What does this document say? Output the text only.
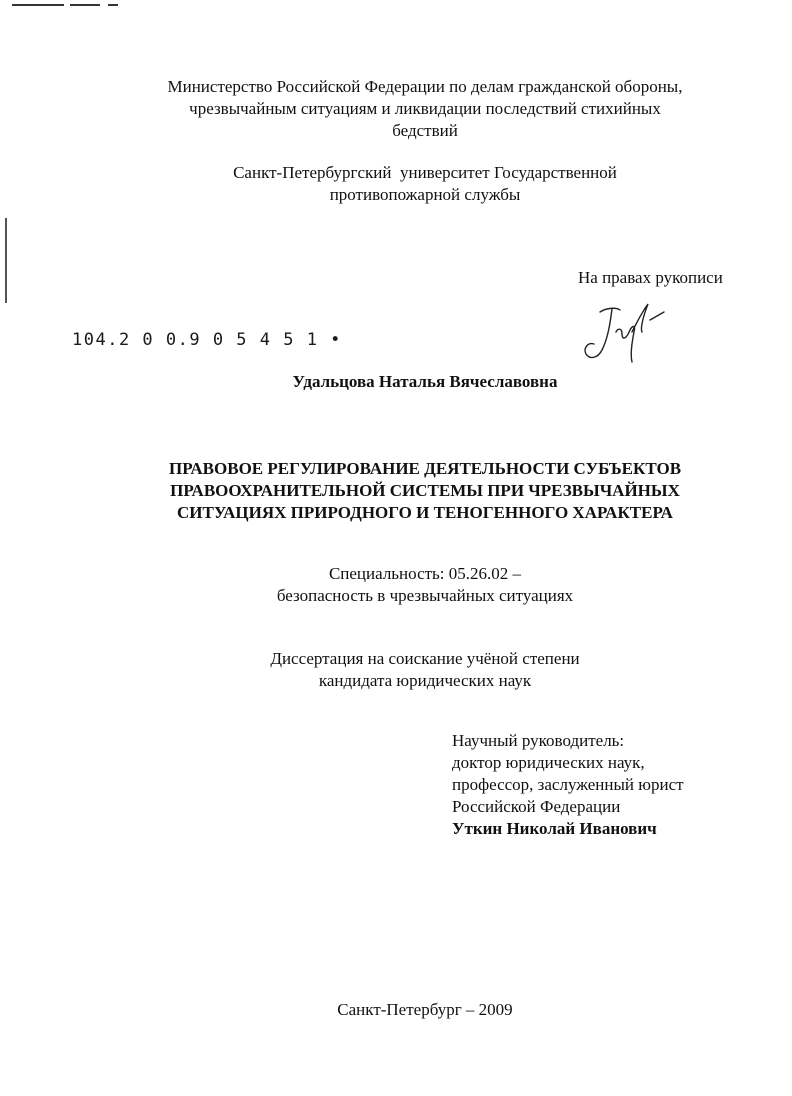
Министерство Российской Федерации по делам гражданской обороны,
чрезвычайным ситуациям и ликвидации последствий стихийных
бедствий
Санкт-Петербургский  университет Государственной
противопожарной службы
На правах рукописи
104.2 0 0.9 0 5 4 5 1 •
Удальцова Наталья Вячеславовна
ПРАВОВОЕ РЕГУЛИРОВАНИЕ ДЕЯТЕЛЬНОСТИ СУБЪЕКТОВ
ПРАВООХРАНИТЕЛЬНОЙ СИСТЕМЫ ПРИ ЧРЕЗВЫЧАЙНЫХ
СИТУАЦИЯХ ПРИРОДНОГО И ТЕНОГЕННОГО ХАРАКТЕРА
Специальность: 05.26.02 –
безопасность в чрезвычайных ситуациях
Диссертация на соискание учёной степени
кандидата юридических наук
Научный руководитель:
доктор юридических наук,
профессор, заслуженный юрист
Российской Федерации
Уткин Николай Иванович
Санкт-Петербург – 2009
